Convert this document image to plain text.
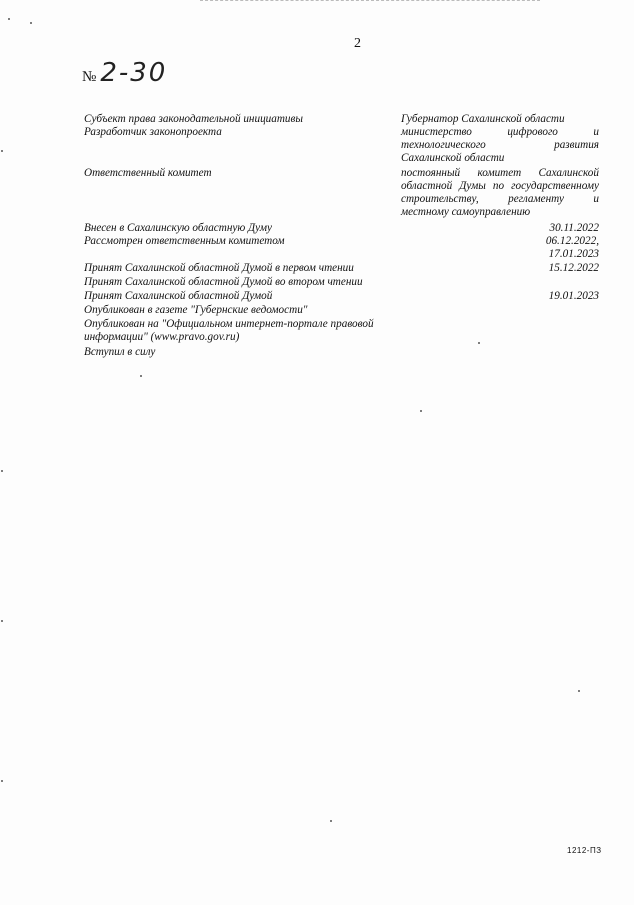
2
№ 2-30
Субъект права законодательной инициативы	Губернатор Сахалинской области
Разработчик законопроекта	министерство цифрового и
технологического развития
Сахалинской области
Ответственный комитет	постоянный комитет Сахалинской
областной Думы по государственному
строительству, регламенту и
местному самоуправлению
Внесен в Сахалинскую областную Думу	30.11.2022
Рассмотрен ответственным комитетом	06.12.2022,
17.01.2023
Принят Сахалинской областной Думой в первом чтении	15.12.2022
Принят Сахалинской областной Думой во втором чтении
Принят Сахалинской областной Думой	19.01.2023
Опубликован в газете "Губернские ведомости"
Опубликован на "Официальном интернет-портале правовой
информации" (www.pravo.gov.ru)
Вступил в силу
1212-ПЗ
